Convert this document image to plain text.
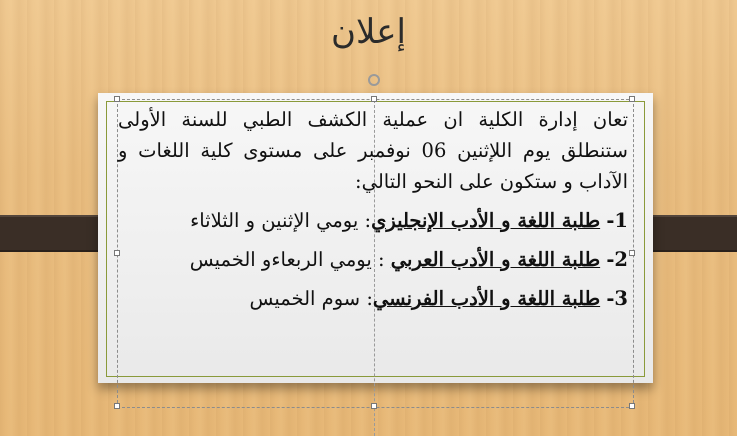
إعلان

تعان إدارة الكلية ان عملية الكشف الطبي للسنة الأولى ستنطلق يوم اللإثنين 06 نوفمبر على مستوى كلية اللغات و الآداب و ستكون على النحو التالي:

1- طلبة اللغة و الأدب الإنجليزي: يومي الإثنين و الثلاثاء

2- طلبة اللغة و الأدب العربي : يومي الربعاءو الخميس

3- طلبة اللغة و الأدب الفرنسي: سوم الخميس
